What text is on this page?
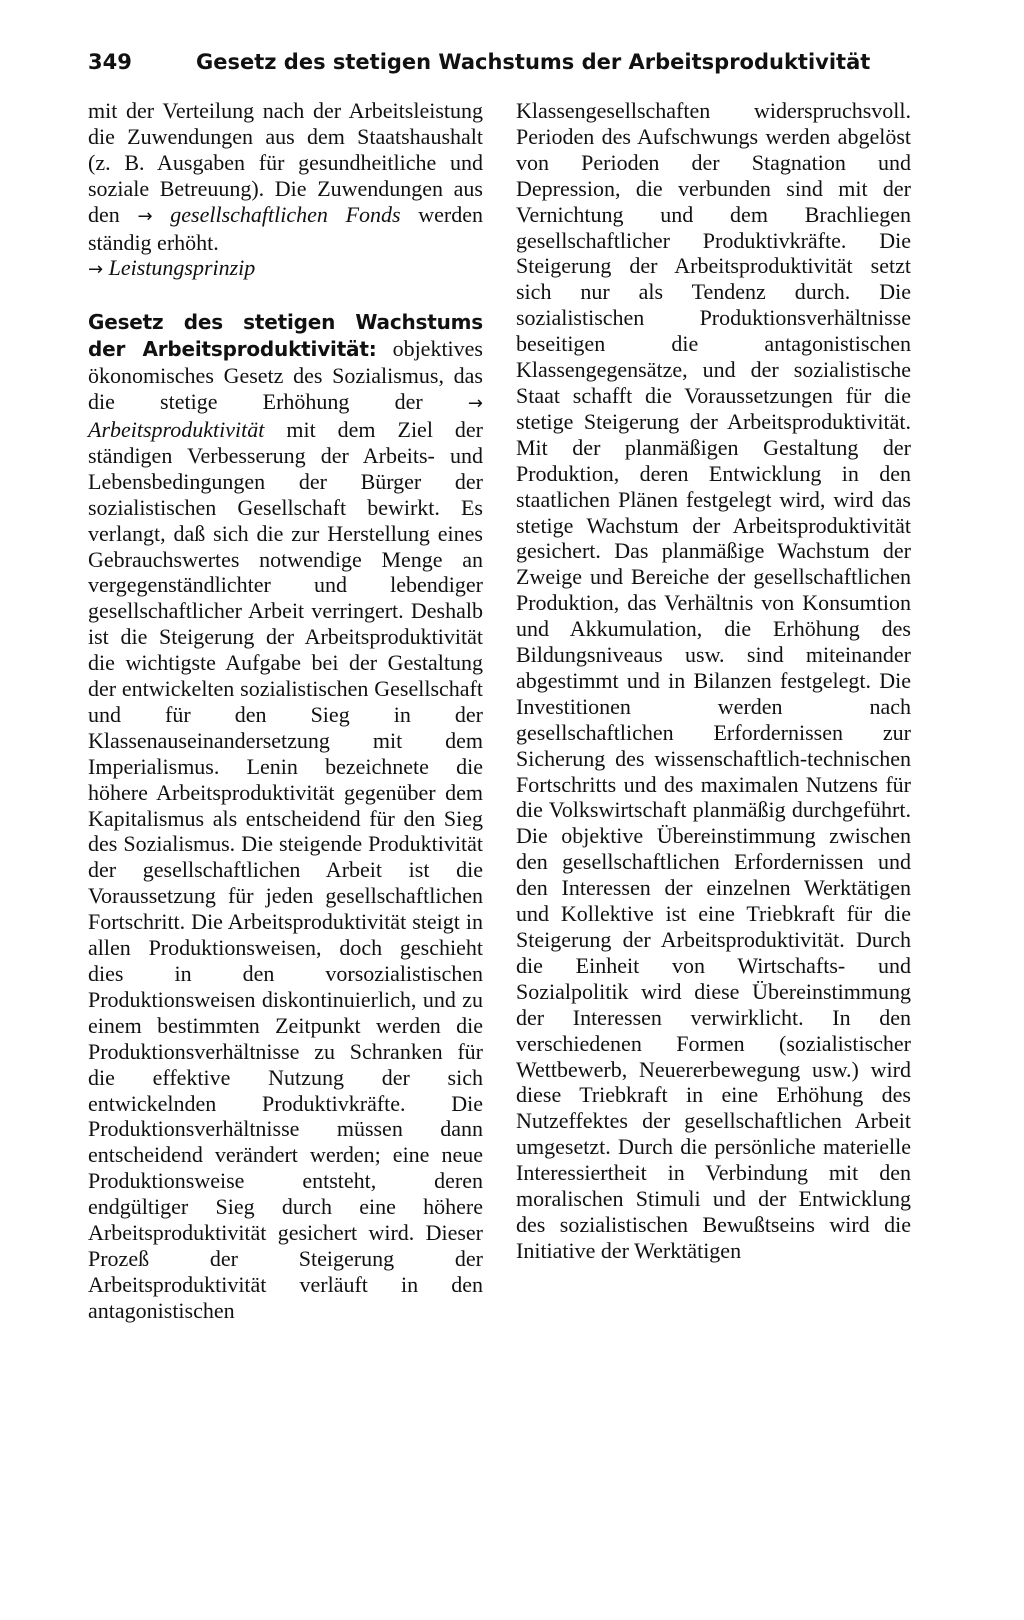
349	Gesetz des stetigen Wachstums der Arbeitsproduktivität

mit der Verteilung nach der Arbeitsleistung die Zuwendungen aus dem Staatshaushalt (z. B. Ausgaben für gesundheitliche und soziale Betreuung). Die Zuwendungen aus den → gesellschaftlichen Fonds werden ständig erhöht.
→ Leistungsprinzip

Gesetz des stetigen Wachstums der Arbeitsproduktivität: objektives ökonomisches Gesetz des Sozialismus, das die stetige Erhöhung der → Arbeitsproduktivität mit dem Ziel der ständigen Verbesserung der Arbeits- und Lebensbedingungen der Bürger der sozialistischen Gesellschaft bewirkt. Es verlangt, daß sich die zur Herstellung eines Gebrauchswertes notwendige Menge an vergegenständlichter und lebendiger gesellschaftlicher Arbeit verringert. Deshalb ist die Steigerung der Arbeitsproduktivität die wichtigste Aufgabe bei der Gestaltung der entwickelten sozialistischen Gesellschaft und für den Sieg in der Klassenauseinandersetzung mit dem Imperialismus. Lenin bezeichnete die höhere Arbeitsproduktivität gegenüber dem Kapitalismus als entscheidend für den Sieg des Sozialismus. Die steigende Produktivität der gesellschaftlichen Arbeit ist die Voraussetzung für jeden gesellschaftlichen Fortschritt. Die Arbeitsproduktivität steigt in allen Produktionsweisen, doch geschieht dies in den vorsozialistischen Produktionsweisen diskontinuierlich, und zu einem bestimmten Zeitpunkt werden die Produktionsverhältnisse zu Schranken für die effektive Nutzung der sich entwickelnden Produktivkräfte. Die Produktionsverhältnisse müssen dann entscheidend verändert werden; eine neue Produktionsweise entsteht, deren endgültiger Sieg durch eine höhere Arbeitsproduktivität gesichert wird. Dieser Prozeß der Steigerung der Arbeitsproduktivität verläuft in den antagonistischen

Klassengesellschaften widerspruchsvoll. Perioden des Aufschwungs werden abgelöst von Perioden der Stagnation und Depression, die verbunden sind mit der Vernichtung und dem Brachliegen gesellschaftlicher Produktivkräfte. Die Steigerung der Arbeitsproduktivität setzt sich nur als Tendenz durch. Die sozialistischen Produktionsverhältnisse beseitigen die antagonistischen Klassengegensätze, und der sozialistische Staat schafft die Voraussetzungen für die stetige Steigerung der Arbeitsproduktivität. Mit der planmäßigen Gestaltung der Produktion, deren Entwicklung in den staatlichen Plänen festgelegt wird, wird das stetige Wachstum der Arbeitsproduktivität gesichert. Das planmäßige Wachstum der Zweige und Bereiche der gesellschaftlichen Produktion, das Verhältnis von Konsumtion und Akkumulation, die Erhöhung des Bildungsniveaus usw. sind miteinander abgestimmt und in Bilanzen festgelegt. Die Investitionen werden nach gesellschaftlichen Erfordernissen zur Sicherung des wissenschaftlich-technischen Fortschritts und des maximalen Nutzens für die Volkswirtschaft planmäßig durchgeführt. Die objektive Übereinstimmung zwischen den gesellschaftlichen Erfordernissen und den Interessen der einzelnen Werktätigen und Kollektive ist eine Triebkraft für die Steigerung der Arbeitsproduktivität. Durch die Einheit von Wirtschafts- und Sozialpolitik wird diese Übereinstimmung der Interessen verwirklicht. In den verschiedenen Formen (sozialistischer Wettbewerb, Neuererbewegung usw.) wird diese Triebkraft in eine Erhöhung des Nutzeffektes der gesellschaftlichen Arbeit umgesetzt. Durch die persönliche materielle Interessiertheit in Verbindung mit den moralischen Stimuli und der Entwicklung des sozialistischen Bewußtseins wird die Initiative der Werktätigen
